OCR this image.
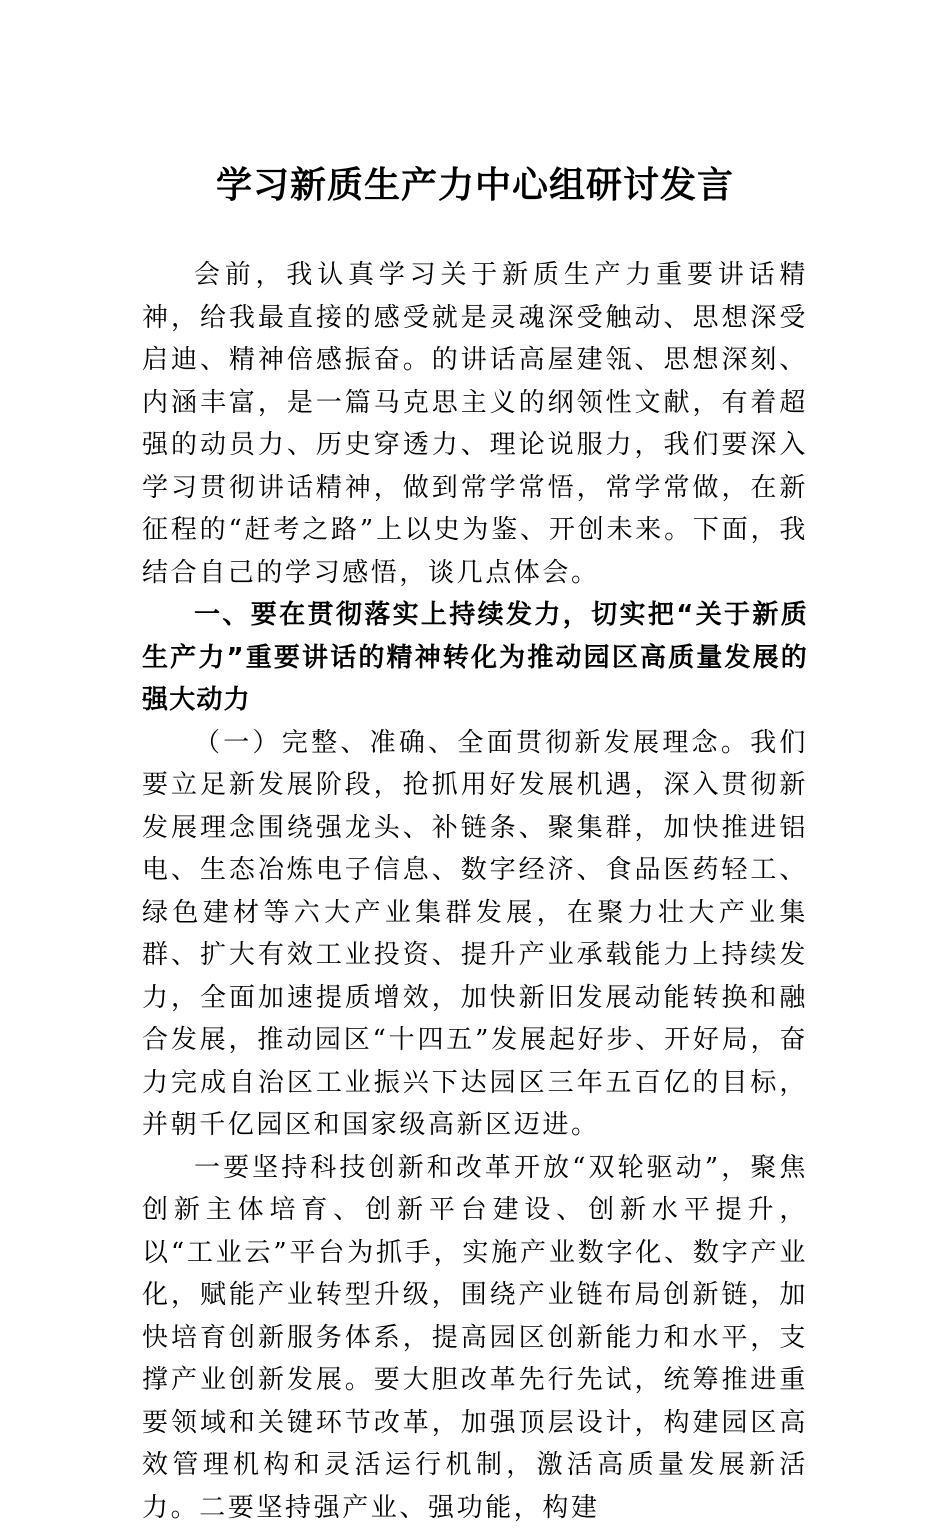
学习新质生产力中心组研讨发言

会前，我认真学习关于新质生产力重要讲话精神，给我最直接的感受就是灵魂深受触动、思想深受启迪、精神倍感振奋。的讲话高屋建瓴、思想深刻、内涵丰富，是一篇马克思主义的纲领性文献，有着超强的动员力、历史穿透力、理论说服力，我们要深入学习贯彻讲话精神，做到常学常悟，常学常做，在新征程的“赶考之路”上以史为鉴、开创未来。下面，我结合自己的学习感悟，谈几点体会。

一、要在贯彻落实上持续发力，切实把“关于新质生产力”重要讲话的精神转化为推动园区高质量发展的强大动力

（一）完整、准确、全面贯彻新发展理念。我们要立足新发展阶段，抢抓用好发展机遇，深入贯彻新发展理念围绕强龙头、补链条、聚集群，加快推进铝电、生态冶炼电子信息、数字经济、食品医药轻工、绿色建材等六大产业集群发展，在聚力壮大产业集群、扩大有效工业投资、提升产业承载能力上持续发力，全面加速提质增效，加快新旧发展动能转换和融合发展，推动园区“十四五”发展起好步、开好局，奋力完成自治区工业振兴下达园区三年五百亿的目标，并朝千亿园区和国家级高新区迈进。

一要坚持科技创新和改革开放“双轮驱动”，聚焦创新主体培育、创新平台建设、创新水平提升，以“工业云”平台为抓手，实施产业数字化、数字产业化，赋能产业转型升级，围绕产业链布局创新链，加快培育创新服务体系，提高园区创新能力和水平，支撑产业创新发展。要大胆改革先行先试，统筹推进重要领域和关键环节改革，加强顶层设计，构建园区高效管理机构和灵活运行机制，激活高质量发展新活力。二要坚持强产业、强功能，构建
